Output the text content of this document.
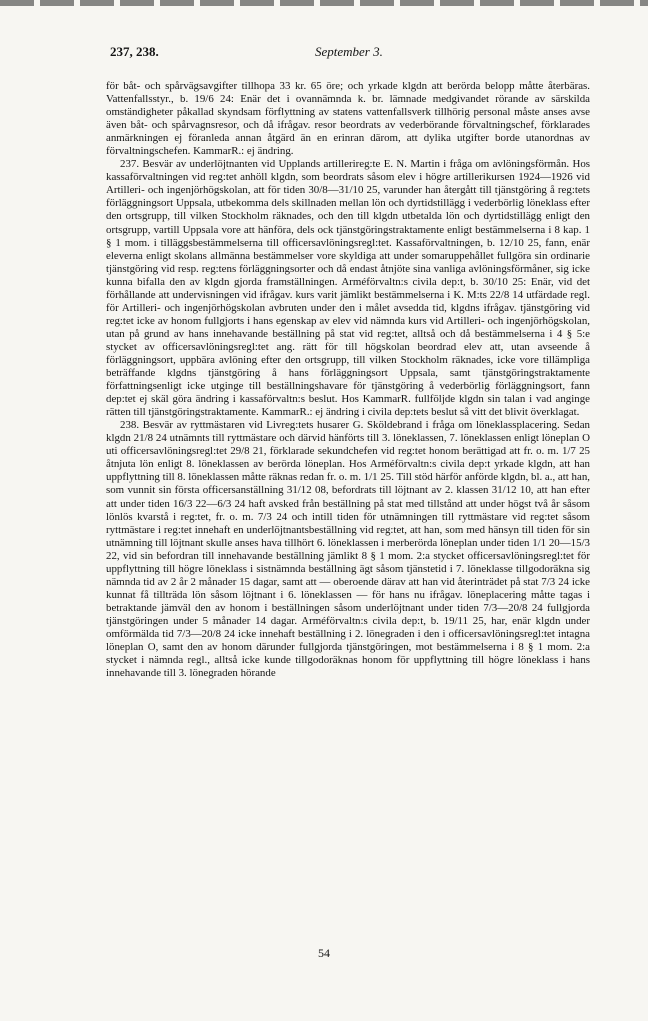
237, 238.	September 3.

för båt- och spårvägsavgifter tillhopa 33 kr. 65 öre; och yrkade klgdn att berörda belopp måtte återbäras. Vattenfallsstyr., b. 19/6 24: Enär det i ovannämnda k. br. lämnade medgivandet rörande av särskilda omständigheter påkallad skyndsam förflyttning av statens vattenfallsverk tillhörig personal måste anses avse även båt- och spårvagnsresor, och då ifrågav. resor beordrats av vederbörande förvaltningschef, förklarades anmärkningen ej föranleda annan åtgärd än en erinran därom, att dylika utgifter borde utanordnas av förvaltningschefen. KammarR.: ej ändring.

237. Besvär av underlöjtnanten vid Upplands artillerireg:te E. N. Martin i fråga om avlöningsförmån. Hos kassaförvaltningen vid reg:tet anhöll klgdn, som beordrats såsom elev i högre artillerikursen 1924—1926 vid Artilleri- och ingenjörhögskolan, att för tiden 30/8—31/10 25, varunder han återgått till tjänstgöring å reg:tets förläggningsort Uppsala, utbekomma dels skillnaden mellan lön och dyrtidstillägg i vederbörlig löneklass efter den ortsgrupp, till vilken Stockholm räknades, och den till klgdn utbetalda lön och dyrtidstillägg enligt den ortsgrupp, vartill Uppsala vore att hänföra, dels ock tjänstgöringstraktamente enligt bestämmelserna i 8 kap. 1 § 1 mom. i tilläggsbestämmelserna till officersavlöningsregl:tet. Kassaförvaltningen, b. 12/10 25, fann, enär eleverna enligt skolans allmänna bestämmelser vore skyldiga att under somaruppehållet fullgöra sin ordinarie tjänstgöring vid resp. reg:tens förläggningsorter och då endast åtnjöte sina vanliga avlöningsförmåner, sig icke kunna bifalla den av klgdn gjorda framställningen. Arméförvaltn:s civila dep:t, b. 30/10 25: Enär, vid det förhållande att undervisningen vid ifrågav. kurs varit jämlikt bestämmelserna i K. M:ts 22/8 14 utfärdade regl. för Artilleri- och ingenjörhögskolan avbruten under den i målet avsedda tid, klgdns ifrågav. tjänstgöring vid reg:tet icke av honom fullgjorts i hans egenskap av elev vid nämnda kurs vid Artilleri- och ingenjörhögskolan, utan på grund av hans innehavande beställning på stat vid reg:tet, alltså och då bestämmelserna i 4 § 5:e stycket av officersavlöningsregl:tet ang. rätt för till högskolan beordrad elev att, utan avseende å förläggningsort, uppbära avlöning efter den ortsgrupp, till vilken Stockholm räknades, icke vore tillämpliga beträffande klgdns tjänstgöring å hans förläggningsort Uppsala, samt tjänstgöringstraktamente författningsenligt icke utginge till beställningshavare för tjänstgöring å vederbörlig förläggningsort, fann dep:tet ej skäl göra ändring i kassaförvaltn:s beslut. Hos KammarR. fullföljde klgdn sin talan i vad anginge rätten till tjänstgöringstraktamente. KammarR.: ej ändring i civila dep:tets beslut så vitt det blivit överklagat.

238. Besvär av ryttmästaren vid Livreg:tets husarer G. Sköldebrand i fråga om löneklassplacering. Sedan klgdn 21/8 24 utnämnts till ryttmästare och därvid hänförts till 3. löneklassen, 7. löneklassen enligt löneplan O uti officersavlöningsregl:tet 29/8 21, förklarade sekundchefen vid reg:tet honom berättigad att fr. o. m. 1/7 25 åtnjuta lön enligt 8. löneklassen av berörda löneplan. Hos Arméförvaltn:s civila dep:t yrkade klgdn, att han uppflyttning till 8. löneklassen måtte räknas redan fr. o. m. 1/1 25. Till stöd härför anförde klgdn, bl. a., att han, som vunnit sin första officersanställning 31/12 08, befordrats till löjtnant av 2. klassen 31/12 10, att han efter att under tiden 16/3 22—6/3 24 haft avsked från beställning på stat med tillstånd att under högst två år såsom lönlös kvarstå i reg:tet, fr. o. m. 7/3 24 och intill tiden för utnämningen till ryttmästare vid reg:tet såsom ryttmästare i reg:tet innehaft en underlöjtnantsbeställning vid reg:tet, att han, som med hänsyn till tiden för sin utnämning till löjtnant skulle anses hava tillhört 6. löneklassen i merberörda löneplan under tiden 1/1 20—15/3 22, vid sin befordran till innehavande beställning jämlikt 8 § 1 mom. 2:a stycket officersavlöningsregl:tet för uppflyttning till högre löneklass i sistnämnda beställning ägt såsom tjänstetid i 7. löneklasse tillgodoräkna sig nämnda tid av 2 år 2 månader 15 dagar, samt att — oberoende därav att han vid återinträdet på stat 7/3 24 icke kunnat få tillträda lön såsom löjtnant i 6. löneklassen — för hans nu ifrågav. löneplacering måtte tagas i betraktande jämväl den av honom i beställningen såsom underlöjtnant under tiden 7/3—20/8 24 fullgjorda tjänstgöringen under 5 månader 14 dagar. Arméförvaltn:s civila dep:t, b. 19/11 25, har, enär klgdn under omförmälda tid 7/3—20/8 24 icke innehaft beställning i 2. lönegraden i den i officersavlöningsregl:tet intagna löneplan O, samt den av honom därunder fullgjorda tjänstgöringen, mot bestämmelserna i 8 § 1 mom. 2:a stycket i nämnda regl., alltså icke kunde tillgodoräknas honom för uppflyttning till högre löneklass i hans innehavande till 3. lönegraden hörande

54
